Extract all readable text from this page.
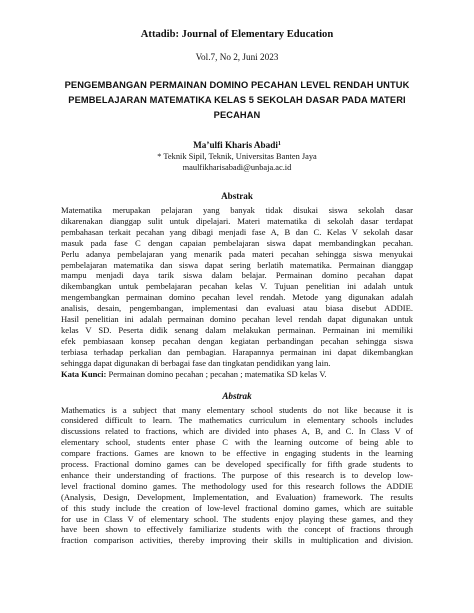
Attadib: Journal of Elementary Education

Vol.7, No 2, Juni 2023

PENGEMBANGAN PERMAINAN DOMINO PECAHAN LEVEL RENDAH UNTUK
PEMBELAJARAN MATEMATIKA KELAS 5 SEKOLAH DASAR PADA MATERI
PECAHAN

Ma’ulfi Kharis Abadi$^1$

* Teknik Sipil, Teknik, Universitas Banten Jaya

maulfikharisabadi@unbaja.ac.id

Abstrak
Matematika merupakan pelajaran yang banyak tidak disukai siswa sekolah dasar
dikarenakan dianggap sulit untuk dipelajari. Materi matematika di sekolah dasar terdapat
pembahasan terkait pecahan yang dibagi menjadi fase A, B dan C. Kelas V sekolah dasar
masuk pada fase C dengan capaian pembelajaran siswa dapat membandingkan pecahan.
Perlu adanya pembelajaran yang menarik pada materi pecahan sehingga siswa menyukai
pembelajaran matematika dan siswa dapat sering berlatih matematika. Permainan dianggap
mampu menjadi daya tarik siswa dalam belajar. Permainan domino pecahan dapat
dikembangkan untuk pembelajaran pecahan kelas V. Tujuan penelitian ini adalah untuk
mengembangkan permainan domino pecahan level rendah. Metode yang digunakan adalah
analisis, desain, pengembangan, implementasi dan evaluasi atau biasa disebut ADDIE.
Hasil penelitian ini adalah permainan domino pecahan level rendah dapat digunakan untuk
kelas V SD. Peserta didik senang dalam melakukan permainan. Permainan ini memiliki
efek pembiasaan konsep pecahan dengan kegiatan perbandingan pecahan sehingga siswa
terbiasa terhadap perkalian dan pembagian. Harapannya permainan ini dapat dikembangkan
sehingga dapat digunakan di berbagai fase dan tingkatan pendidikan yang lain.

Kata Kunci: Permainan domino pecahan ; pecahan ; matematika SD kelas V.

Abstrak
Mathematics is a subject that many elementary school students do not like because it is
considered difficult to learn. The mathematics curriculum in elementary schools includes
discussions related to fractions, which are divided into phases A, B, and C. In Class V of
elementary school, students enter phase C with the learning outcome of being able to
compare fractions. Games are known to be effective in engaging students in the learning
process. Fractional domino games can be developed specifically for fifth grade students to
enhance their understanding of fractions. The purpose of this research is to develop low-
level fractional domino games. The methodology used for this research follows the ADDIE
(Analysis, Design, Development, Implementation, and Evaluation) framework. The results
of this study include the creation of low-level fractional domino games, which are suitable
for use in Class V of elementary school. The students enjoy playing these games, and they
have been shown to effectively familiarize students with the concept of fractions through
fraction comparison activities, thereby improving their skills in multiplication and division.
